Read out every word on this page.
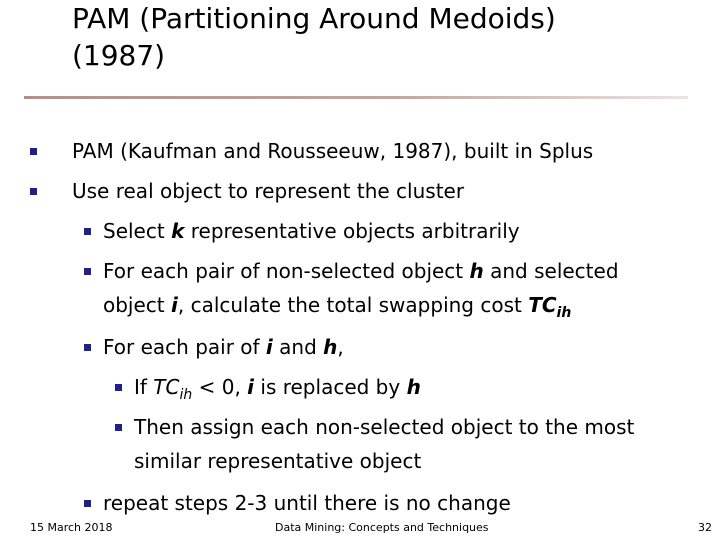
PAM (Partitioning Around Medoids)
(1987)
PAM (Kaufman and Rousseeuw, 1987), built in Splus
Use real object to represent the cluster
Select k representative objects arbitrarily
For each pair of non-selected object h and selected
object i, calculate the total swapping cost $TC_{ih}$
For each pair of i and h,
If $TC_{ih} < 0$, i is replaced by h
Then assign each non-selected object to the most
similar representative object
repeat steps 2-3 until there is no change
15 March 2018	Data Mining: Concepts and Techniques	32
